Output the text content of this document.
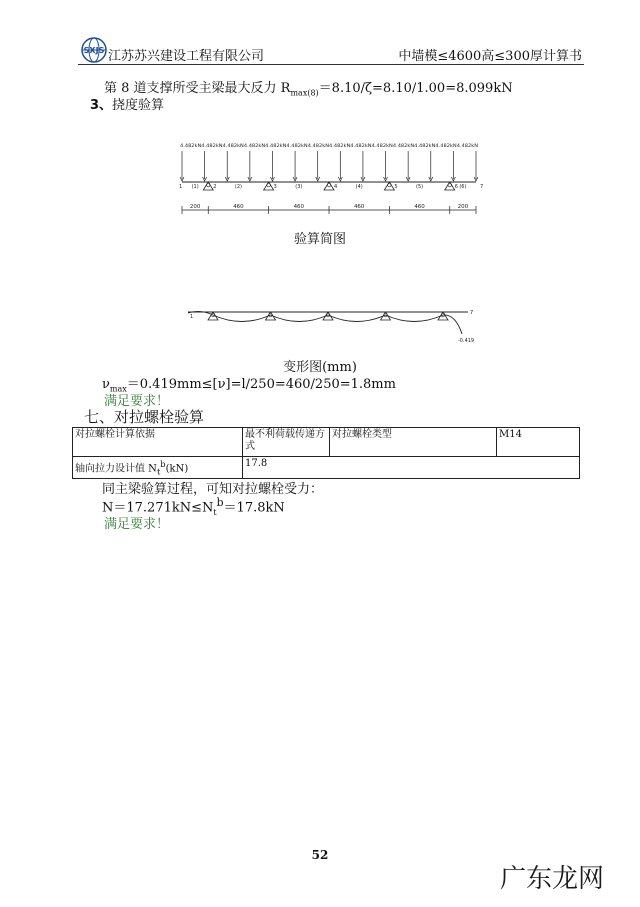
SXJS 江苏苏兴建设工程有限公司	中墙模≤4600高≤300厚计算书
第 8 道支撑所受主梁最大反力 $R_{max(8)}=8.10/\zeta=8.10/1.00=8.099kN$
3、挠度验算
4.482kN4.482kN4.482kN4.482kN4.482kN4.482kN4.482kN4.482kN4.482kN4.482kN4.482kN4.482kN4.482kN4.482kN
1	2	3	4	5	6	7
(1)	(2)	(3)	(4)	(5)	(6)
200	460	460	460	460	200
验算简图
1
7
-0.419
变形图(mm)
$\nu_{max}=0.419mm\le[\nu]=l/250=460/250=1.8mm$
满足要求！
七、对拉螺栓验算
对拉螺栓计算依据	最不利荷载传递方式	对拉螺栓类型	M14
轴向拉力设计值 $N_t^b(kN)$	17.8		
同主梁验算过程，可知对拉螺栓受力：
$N=17.271kN\le N_t^b=17.8kN$
满足要求！
52
广东龙网
